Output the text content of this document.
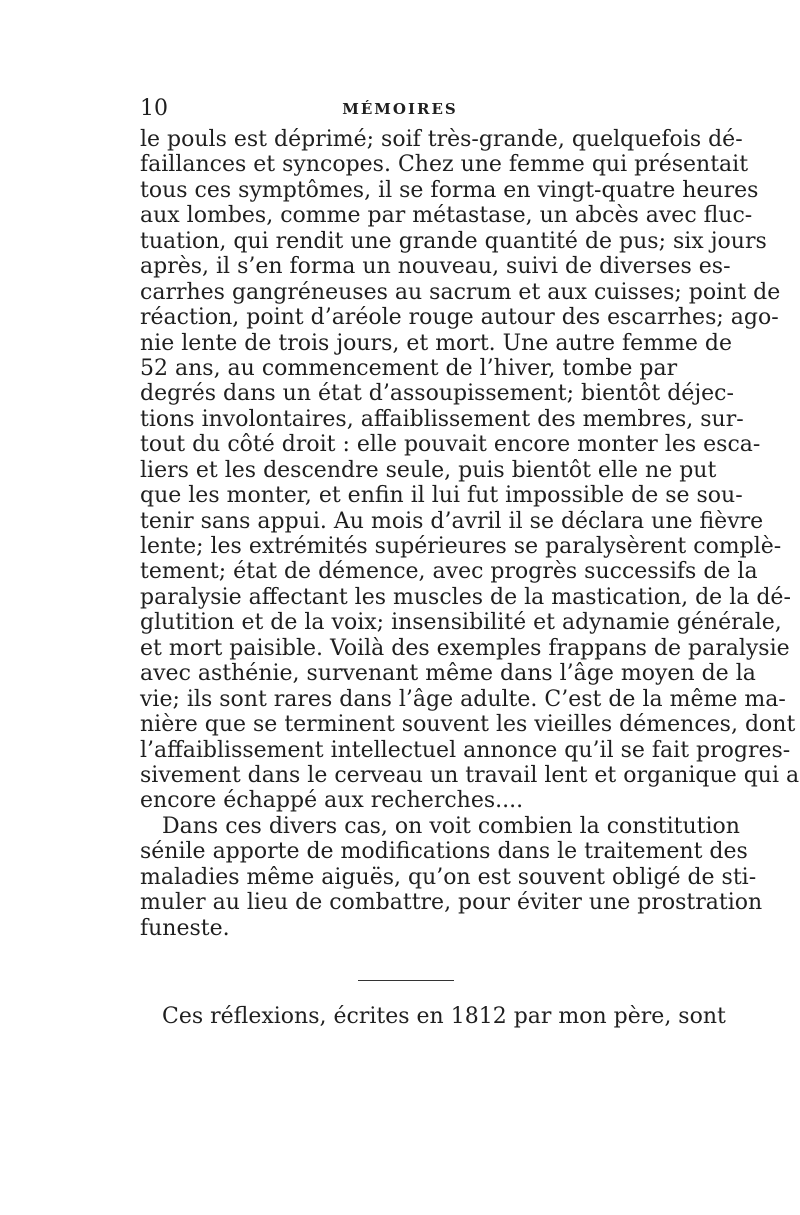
10	MÉMOIRES
le pouls est déprimé; soif très-grande, quelquefois dé-
faillances et syncopes. Chez une femme qui présentait
tous ces symptômes, il se forma en vingt-quatre heures
aux lombes, comme par métastase, un abcès avec fluc-
tuation, qui rendit une grande quantité de pus; six jours
après, il s’en forma un nouveau, suivi de diverses es-
carrhes gangréneuses au sacrum et aux cuisses; point de
réaction, point d’aréole rouge autour des escarrhes; ago-
nie lente de trois jours, et mort. Une autre femme de
52 ans, au commencement de l’hiver, tombe par
degrés dans un état d’assoupissement; bientôt déjec-
tions involontaires, affaiblissement des membres, sur-
tout du côté droit : elle pouvait encore monter les esca-
liers et les descendre seule, puis bientôt elle ne put
que les monter, et enfin il lui fut impossible de se sou-
tenir sans appui. Au mois d’avril il se déclara une fièvre
lente; les extrémités supérieures se paralysèrent complè-
tement; état de démence, avec progrès successifs de la
paralysie affectant les muscles de la mastication, de la dé-
glutition et de la voix; insensibilité et adynamie générale,
et mort paisible. Voilà des exemples frappans de paralysie
avec asthénie, survenant même dans l’âge moyen de la
vie; ils sont rares dans l’âge adulte. C’est de la même ma-
nière que se terminent souvent les vieilles démences, dont
l’affaiblissement intellectuel annonce qu’il se fait progres-
sivement dans le cerveau un travail lent et organique qui a
encore échappé aux recherches....
Dans ces divers cas, on voit combien la constitution
sénile apporte de modifications dans le traitement des
maladies même aiguës, qu’on est souvent obligé de sti-
muler au lieu de combattre, pour éviter une prostration
funeste.
Ces réflexions, écrites en 1812 par mon père, sont
